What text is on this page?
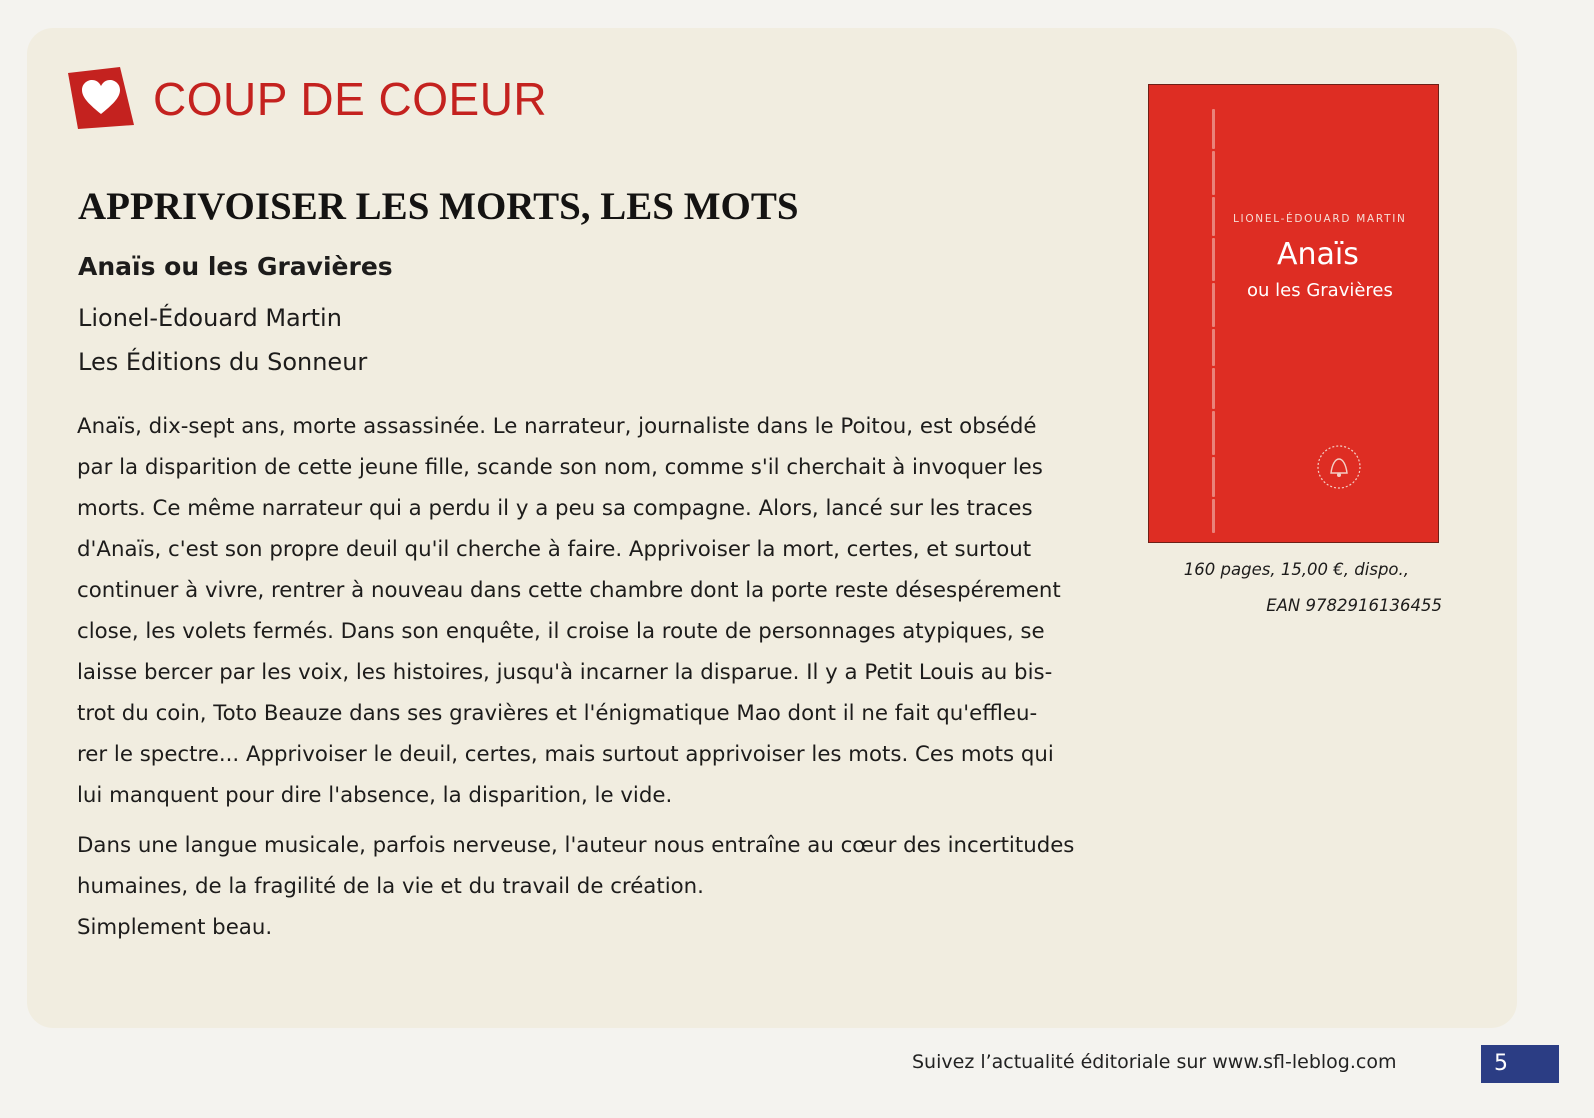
COUP DE COEUR
APPRIVOISER LES MORTS, LES MOTS
Anaïs ou les Gravières
Lionel-Édouard Martin
Les Éditions du Sonneur
Anaïs, dix-sept ans, morte assassinée. Le narrateur, journaliste dans le Poitou, est obsédé
par la disparition de cette jeune fille, scande son nom, comme s'il cherchait à invoquer les
morts. Ce même narrateur qui a perdu il y a peu sa compagne. Alors, lancé sur les traces
d'Anaïs, c'est son propre deuil qu'il cherche à faire. Apprivoiser la mort, certes, et surtout
continuer à vivre, rentrer à nouveau dans cette chambre dont la porte reste désespérement
close, les volets fermés. Dans son enquête, il croise la route de personnages atypiques, se
laisse bercer par les voix, les histoires, jusqu'à incarner la disparue. Il y a Petit Louis au bis-
trot du coin, Toto Beauze dans ses gravières et l'énigmatique Mao dont il ne fait qu'effleu-
rer le spectre... Apprivoiser le deuil, certes, mais surtout apprivoiser les mots. Ces mots qui
lui manquent pour dire l'absence, la disparition, le vide.
Dans une langue musicale, parfois nerveuse, l'auteur nous entraîne au cœur des incertitudes
humaines, de la fragilité de la vie et du travail de création.
Simplement beau.
LIONEL-ÉDOUARD MARTIN
Anaïs
ou les Gravières
160 pages, 15,00 €, dispo.,
EAN 9782916136455
Suivez l’actualité éditoriale sur www.sfl-leblog.com	5
